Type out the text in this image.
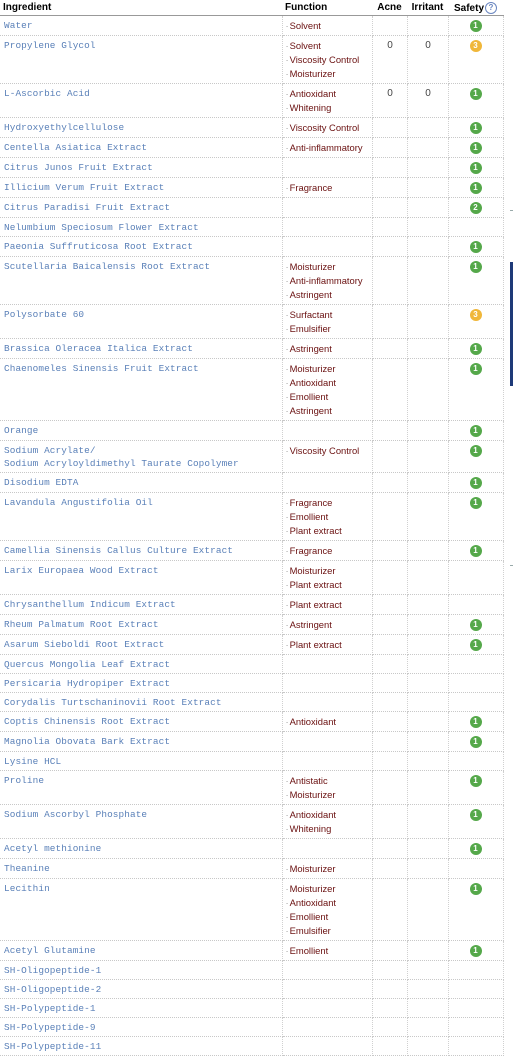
Ingredient	Function	Acne	Irritant	Safety ?

Water	· Solvent			1

Propylene Glycol	· Solvent
· Viscosity Control
· Moisturizer	0	0	3

L-Ascorbic Acid	· Antioxidant
· Whitening	0	0	1

Hydroxyethylcellulose	· Viscosity Control			1

Centella Asiatica Extract	· Anti-inflammatory			1

Citrus Junos Fruit Extract				1

Illicium Verum Fruit Extract	· Fragrance			1

Citrus Paradisi Fruit Extract				2

Nelumbium Speciosum Flower Extract				

Paeonia Suffruticosa Root Extract				1

Scutellaria Baicalensis Root Extract	· Moisturizer
· Anti-inflammatory
· Astringent			1

Polysorbate 60	· Surfactant
· Emulsifier			3

Brassica Oleracea Italica Extract	· Astringent			1

Chaenomeles Sinensis Fruit Extract	· Moisturizer
· Antioxidant
· Emollient
· Astringent			1

Orange				1

Sodium Acrylate/
Sodium Acryloyldimethyl Taurate Copolymer	· Viscosity Control			1

Disodium EDTA				1

Lavandula Angustifolia Oil	· Fragrance
· Emollient
· Plant extract			1

Camellia Sinensis Callus Culture Extract	· Fragrance			1

Larix Europaea Wood Extract	· Moisturizer
· Plant extract

Chrysanthellum Indicum Extract	· Plant extract

Rheum Palmatum Root Extract	· Astringent			1

Asarum Sieboldi Root Extract	· Plant extract			1

Quercus Mongolia Leaf Extract				

Persicaria Hydropiper Extract				

Corydalis Turtschaninovii Root Extract				

Coptis Chinensis Root Extract	· Antioxidant			1

Magnolia Obovata Bark Extract				1

Lysine HCL				

Proline	· Antistatic
· Moisturizer			1

Sodium Ascorbyl Phosphate	· Antioxidant
· Whitening			1

Acetyl methionine				1

Theanine	· Moisturizer

Lecithin	· Moisturizer
· Antioxidant
· Emollient
· Emulsifier			1

Acetyl Glutamine	· Emollient			1

SH-Oligopeptide-1				

SH-Oligopeptide-2				

SH-Polypeptide-1				

SH-Polypeptide-9				

SH-Polypeptide-11				
